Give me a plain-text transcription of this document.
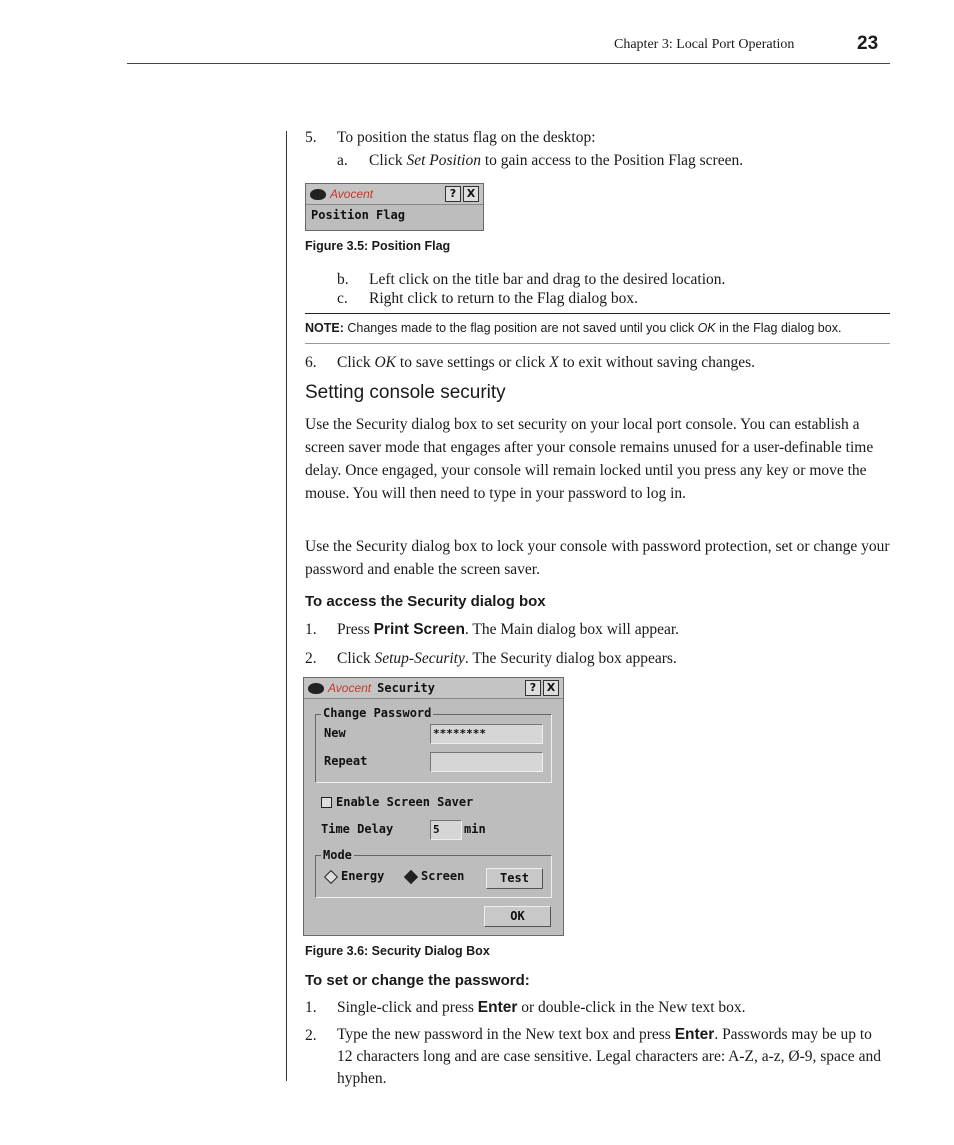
Chapter 3: Local Port Operation	23
5. To position the status flag on the desktop:
a. Click Set Position to gain access to the Position Flag screen.
Avocent	? X
Position Flag
Figure 3.5: Position Flag
b. Left click on the title bar and drag to the desired location.
c. Right click to return to the Flag dialog box.
NOTE: Changes made to the flag position are not saved until you click OK in the Flag dialog box.
6. Click OK to save settings or click X to exit without saving changes.
Setting console security
Use the Security dialog box to set security on your local port console. You can establish a screen saver mode that engages after your console remains unused for a user-definable time delay. Once engaged, your console will remain locked until you press any key or move the mouse. You will then need to type in your password to log in.
Use the Security dialog box to lock your console with password protection, set or change your password and enable the screen saver.
To access the Security dialog box
1. Press Print Screen. The Main dialog box will appear.
2. Click Setup-Security. The Security dialog box appears.
Avocent Security	? X
Change Password
New	********
Repeat
Enable Screen Saver
Time Delay	5	min
Mode
Energy	Screen	Test
OK
Figure 3.6: Security Dialog Box
To set or change the password:
1. Single-click and press Enter or double-click in the New text box.
2. Type the new password in the New text box and press Enter. Passwords may be up to 12 characters long and are case sensitive. Legal characters are: A-Z, a-z, Ø-9, space and hyphen.
